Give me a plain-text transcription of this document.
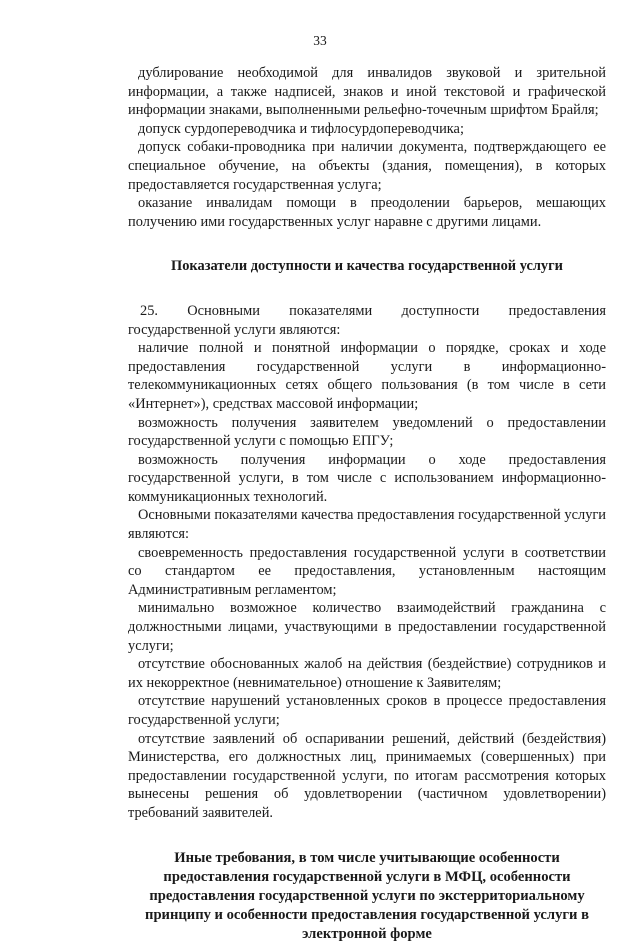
33

дублирование необходимой для инвалидов звуковой и зрительной информации, а также надписей, знаков и иной текстовой и графической информации знаками, выполненными рельефно-точечным шрифтом Брайля;

допуск сурдопереводчика и тифлосурдопереводчика;

допуск собаки-проводника при наличии документа, подтверждающего ее специальное обучение, на объекты (здания, помещения), в которых предоставляется государственная услуга;

оказание инвалидам помощи в преодолении барьеров, мешающих получению ими государственных услуг наравне с другими лицами.

Показатели доступности и качества государственной услуги

25. Основными показателями доступности предоставления государственной услуги являются:

наличие полной и понятной информации о порядке, сроках и ходе предоставления государственной услуги в информационно-телекоммуникационных сетях общего пользования (в том числе в сети «Интернет»), средствах массовой информации;

возможность получения заявителем уведомлений о предоставлении государственной услуги с помощью ЕПГУ;

возможность получения информации о ходе предоставления государственной услуги, в том числе с использованием информационно-коммуникационных технологий.

Основными показателями качества предоставления государственной услуги являются:

своевременность предоставления государственной услуги в соответствии со стандартом ее предоставления, установленным настоящим Административным регламентом;

минимально возможное количество взаимодействий гражданина с должностными лицами, участвующими в предоставлении государственной услуги;

отсутствие обоснованных жалоб на действия (бездействие) сотрудников и их некорректное (невнимательное) отношение к Заявителям;

отсутствие нарушений установленных сроков в процессе предоставления государственной услуги;

отсутствие заявлений об оспаривании решений, действий (бездействия) Министерства, его должностных лиц, принимаемых (совершенных) при предоставлении государственной услуги, по итогам рассмотрения которых вынесены решения об удовлетворении (частичном удовлетворении) требований заявителей.

Иные требования, в том числе учитывающие особенности предоставления государственной услуги в МФЦ, особенности предоставления государственной услуги по экстерриториальному принципу и особенности предоставления государственной услуги в электронной форме
